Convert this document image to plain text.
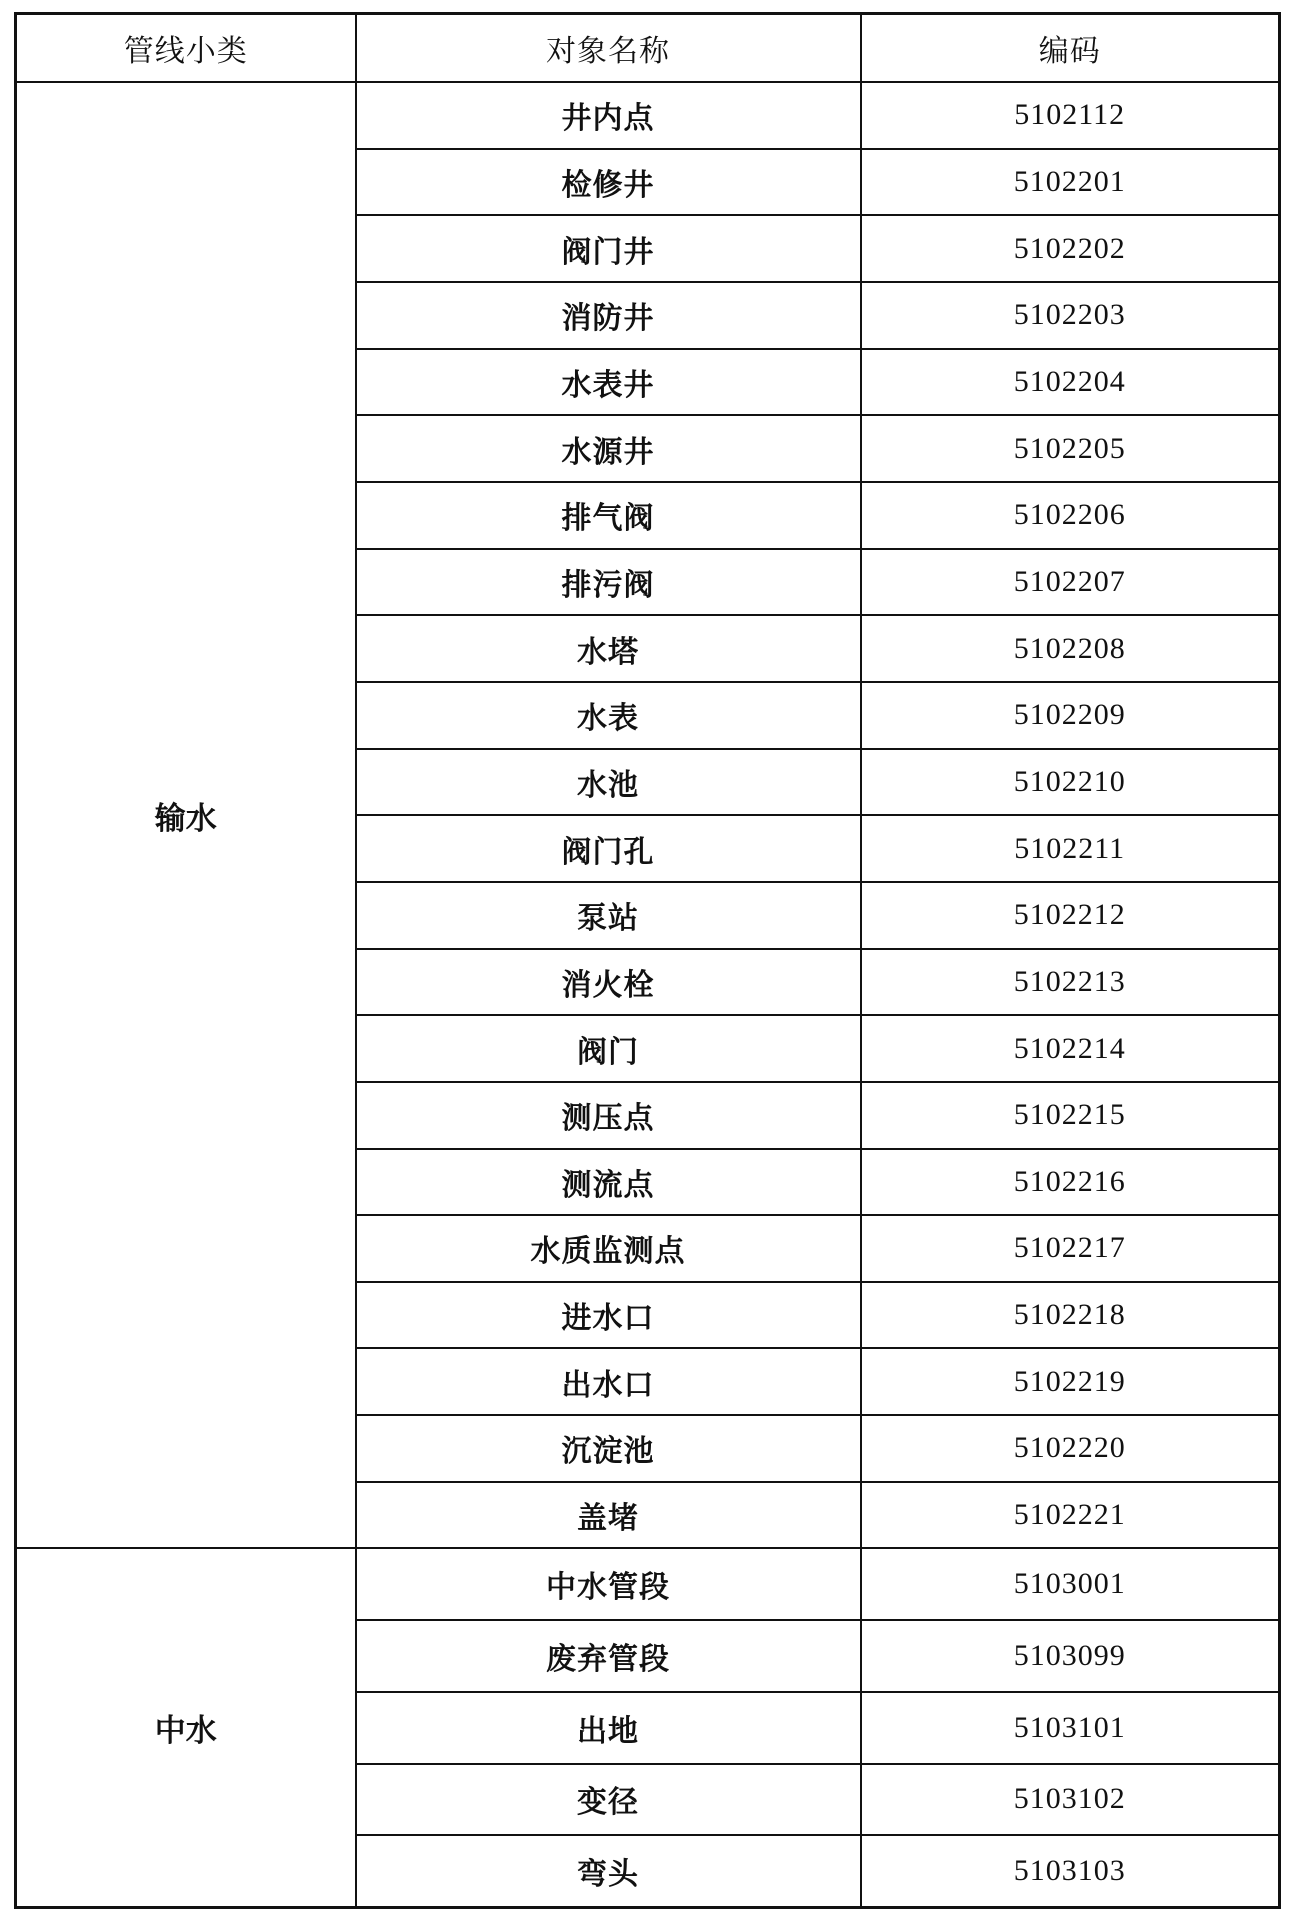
管线小类	对象名称	编码
输水	井内点	5102112
	检修井	5102201
	阀门井	5102202
	消防井	5102203
	水表井	5102204
	水源井	5102205
	排气阀	5102206
	排污阀	5102207
	水塔	5102208
	水表	5102209
	水池	5102210
	阀门孔	5102211
	泵站	5102212
	消火栓	5102213
	阀门	5102214
	测压点	5102215
	测流点	5102216
	水质监测点	5102217
	进水口	5102218
	出水口	5102219
	沉淀池	5102220
	盖堵	5102221
中水	中水管段	5103001
	废弃管段	5103099
	出地	5103101
	变径	5103102
	弯头	5103103
